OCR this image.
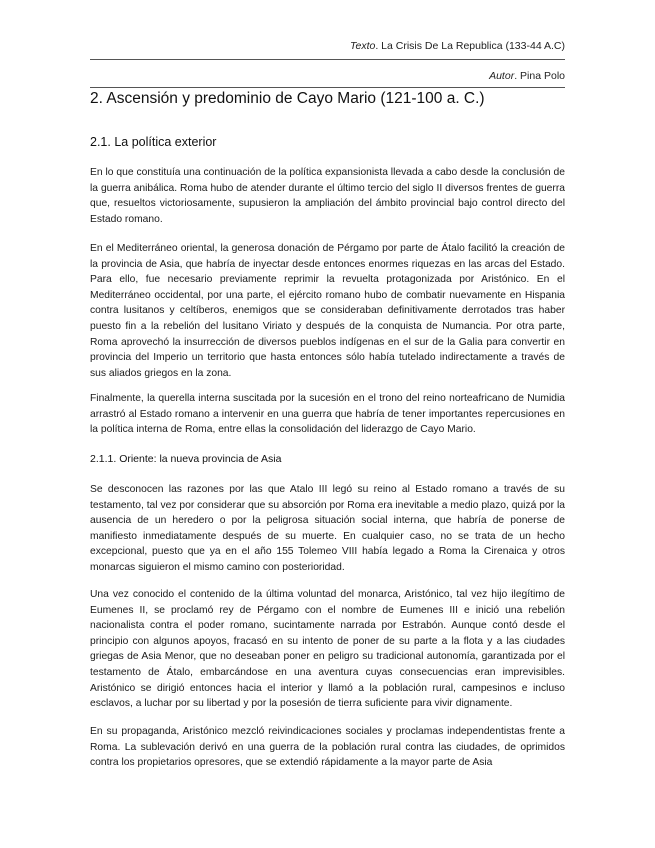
Texto. La Crisis De La Republica (133-44 A.C)
Autor. Pina Polo
2. Ascensión y predominio de Cayo Mario (121-100 a. C.)
2.1. La política exterior

En lo que constituía una continuación de la política expansionista llevada a cabo desde la conclusión de la guerra anibálica. Roma hubo de atender durante el último tercio del siglo II diversos frentes de guerra que, resueltos victoriosamente, supusieron la ampliación del ámbito provincial bajo control directo del Estado romano.

En el Mediterráneo oriental, la generosa donación de Pérgamo por parte de Átalo facilitó la creación de la provincia de Asia, que habría de inyectar desde entonces enormes riquezas en las arcas del Estado. Para ello, fue necesario previamente reprimir la revuelta protagonizada por Aristónico. En el Mediterráneo occidental, por una parte, el ejército romano hubo de combatir nuevamente en Hispania contra lusitanos y celtíberos, enemigos que se consideraban definitivamente derrotados tras haber puesto fin a la rebelión del lusitano Viriato y después de la conquista de Numancia. Por otra parte, Roma aprovechó la insurrección de diversos pueblos indígenas en el sur de la Galia para convertir en provincia del Imperio un territorio que hasta entonces sólo había tutelado indirectamente a través de sus aliados griegos en la zona.

Finalmente, la querella interna suscitada por la sucesión en el trono del reino norteafricano de Numidia arrastró al Estado romano a intervenir en una guerra que habría de tener importantes repercusiones en la política interna de Roma, entre ellas la consolidación del liderazgo de Cayo Mario.

2.1.1. Oriente: la nueva provincia de Asia

Se desconocen las razones por las que Atalo III legó su reino al Estado romano a través de su testamento, tal vez por considerar que su absorción por Roma era inevitable a medio plazo, quizá por la ausencia de un heredero o por la peligrosa situación social interna, que habría de ponerse de manifiesto inmediatamente después de su muerte. En cualquier caso, no se trata de un hecho excepcional, puesto que ya en el año 155 Tolemeo VIII había legado a Roma la Cirenaica y otros monarcas siguieron el mismo camino con posterioridad.

Una vez conocido el contenido de la última voluntad del monarca, Aristónico, tal vez hijo ilegítimo de Eumenes II, se proclamó rey de Pérgamo con el nombre de Eumenes III e inició una rebelión nacionalista contra el poder romano, sucintamente narrada por Estrabón. Aunque contó desde el principio con algunos apoyos, fracasó en su intento de poner de su parte a la flota y a las ciudades griegas de Asia Menor, que no deseaban poner en peligro su tradicional autonomía, garantizada por el testamento de Átalo, embarcándose en una aventura cuyas consecuencias eran imprevisibles. Aristónico se dirigió entonces hacia el interior y llamó a la población rural, campesinos e incluso esclavos, a luchar por su libertad y por la posesión de tierra suficiente para vivir dignamente.

En su propaganda, Aristónico mezcló reivindicaciones sociales y proclamas independentistas frente a Roma. La sublevación derivó en una guerra de la población rural contra las ciudades, de oprimidos contra los propietarios opresores, que se extendió rápidamente a la mayor parte de Asia
